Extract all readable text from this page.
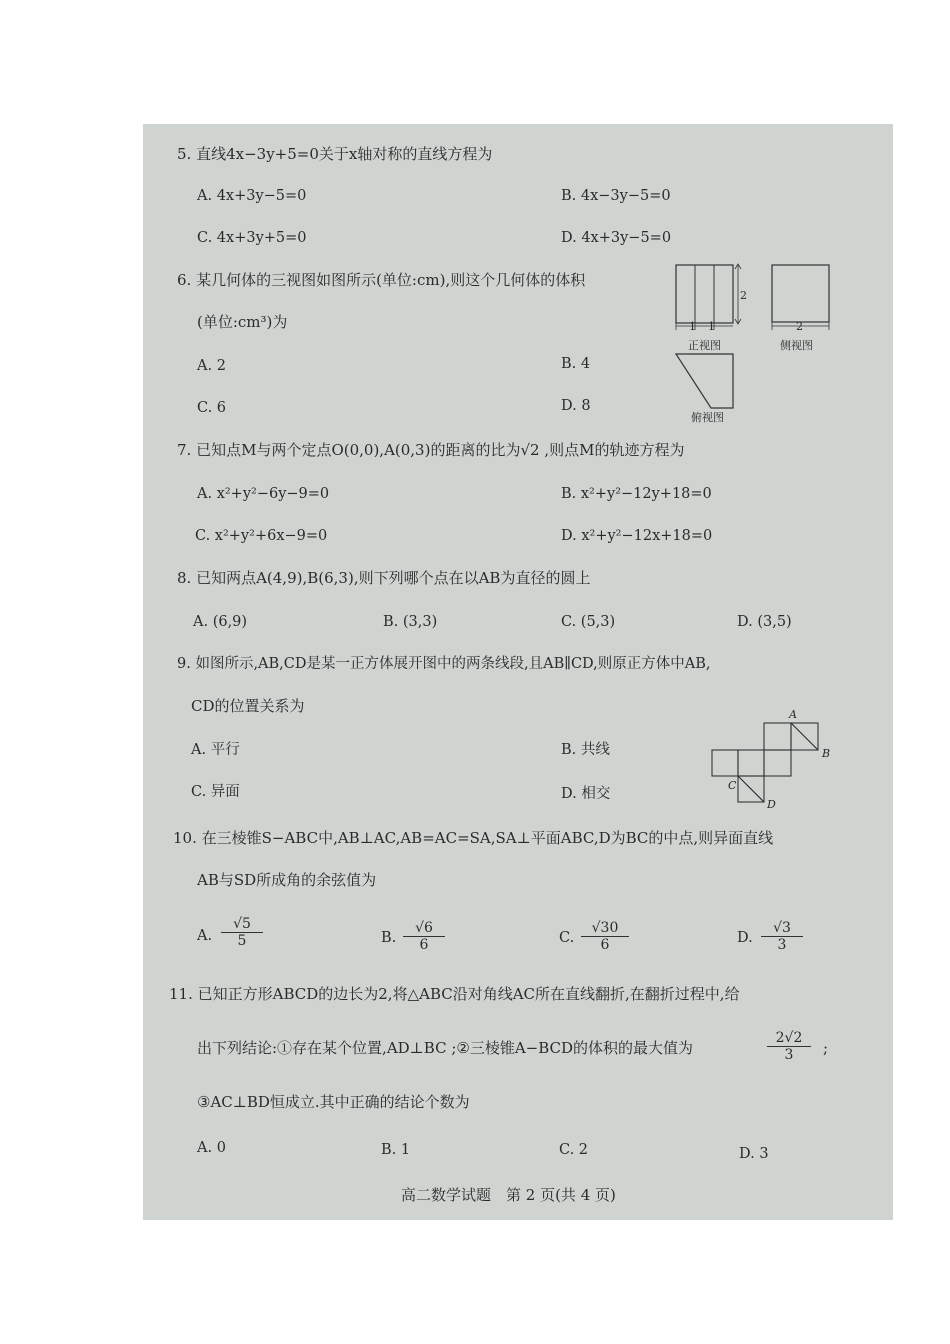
5. 直线4x−3y+5=0关于x轴对称的直线方程为
A. 4x+3y−5=0	B. 4x−3y−5=0
C. 4x+3y+5=0	D. 4x+3y−5=0
6. 某几何体的三视图如图所示(单位:cm),则这个几何体的体积
(单位:cm³)为
A. 2	B. 4
C. 6	D. 8
2
1 1	2
正视图	侧视图
俯视图
7. 已知点M与两个定点O(0,0),A(0,3)的距离的比为√2 ,则点M的轨迹方程为
A. x²+y²−6y−9=0	B. x²+y²−12y+18=0
C. x²+y²+6x−9=0	D. x²+y²−12x+18=0
8. 已知两点A(4,9),B(6,3),则下列哪个点在以AB为直径的圆上
A. (6,9)	B. (3,3)	C. (5,3)	D. (3,5)
9. 如图所示,AB,CD是某一正方体展开图中的两条线段,且AB∥CD,则原正方体中AB,
CD的位置关系为
A. 平行	B. 共线
C. 异面	D. 相交
A
B
C
D
10. 在三棱锥S−ABC中,AB⊥AC,AB=AC=SA,SA⊥平面ABC,D为BC的中点,则异面直线
AB与SD所成角的余弦值为
A. $\frac{√5}{5}$	B. $\frac{√6}{6}$	C. $\frac{√30}{6}$	D. $\frac{√3}{3}$
11. 已知正方形ABCD的边长为2,将△ABC沿对角线AC所在直线翻折,在翻折过程中,给
出下列结论:①存在某个位置,AD⊥BC ;②三棱锥A−BCD的体积的最大值为	$\frac{2√2}{3}$ ;
③AC⊥BD恒成立.其中正确的结论个数为
A. 0	B. 1	C. 2	D. 3
高二数学试题　第 2 页(共 4 页)
